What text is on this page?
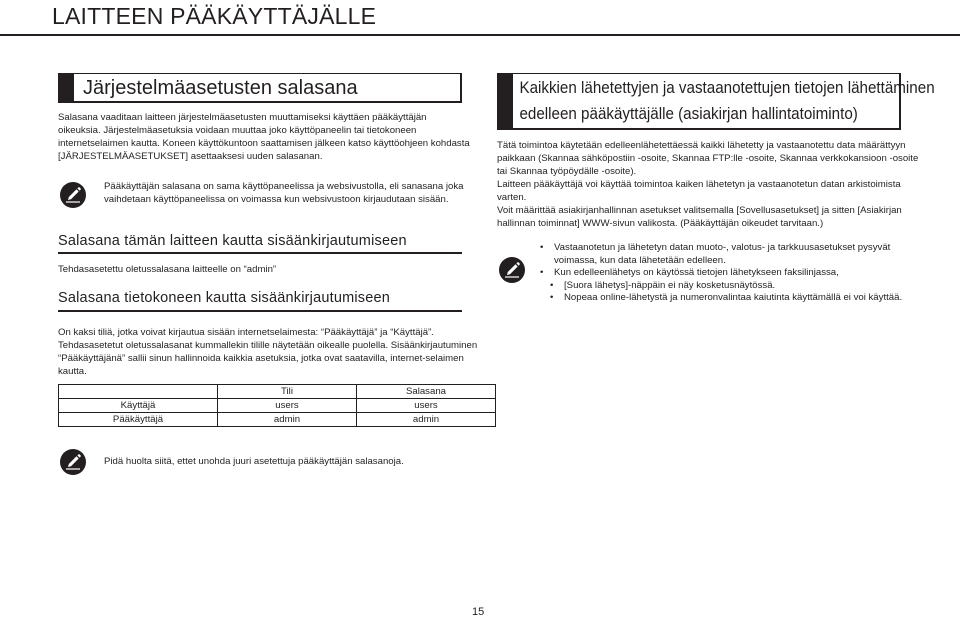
LAITTEEN PÄÄKÄYTTÄJÄLLE
Järjestelmäasetusten salasana
Salasana vaaditaan laitteen järjestelmäasetusten muuttamiseksi käyttäen pääkäyttäjän
oikeuksia. Järjestelmäasetuksia voidaan muuttaa joko käyttöpaneelin tai tietokoneen
internetselaimen kautta. Koneen käyttökuntoon saattamisen jälkeen katso käyttöohjeen kohdasta
[JÄRJESTELMÄASETUKSET] asettaaksesi uuden salasanan.
Pääkäyttäjän salasana on sama käyttöpaneelissa ja websivustolla, eli sanasana joka
vaihdetaan käyttöpaneelissa on voimassa kun websivustoon kirjaudutaan sisään.
Salasana tämän laitteen kautta sisäänkirjautumiseen
Tehdasasetettu oletussalasana laitteelle on “admin”
Salasana tietokoneen kautta sisäänkirjautumiseen
On kaksi tiliä, jotka voivat kirjautua sisään internetselaimesta: “Pääkäyttäjä” ja “Käyttäjä”.
Tehdasasetetut oletussalasanat kummallekin tilille näytetään oikealle puolella. Sisäänkirjautuminen
“Pääkäyttäjänä” sallii sinun hallinnoida kaikkia asetuksia, jotka ovat saatavilla, internet-selaimen
kautta.
	Tili	Salasana
Käyttäjä	users	users
Pääkäyttäjä	admin	admin
Pidä huolta siitä, ettet unohda juuri asetettuja pääkäyttäjän salasanoja.
Kaikkien lähetettyjen ja vastaanotettujen tietojen lähettäminen
edelleen pääkäyttäjälle (asiakirjan hallintatoiminto)
Tätä toimintoa käytetään edelleenlähetettäessä kaikki lähetetty ja vastaanotettu data määrättyyn
paikkaan (Skannaa sähköpostiin -osoite, Skannaa FTP:lle -osoite, Skannaa verkkokansioon -osoite
tai Skannaa työpöydälle -osoite).
Laitteen pääkäyttäjä voi käyttää toimintoa kaiken lähetetyn ja vastaanotetun datan arkistoimista
varten.
Voit määrittää asiakirjanhallinnan asetukset valitsemalla [Sovellusasetukset] ja sitten [Asiakirjan
hallinnan toiminnat] WWW-sivun valikosta. (Pääkäyttäjän oikeudet tarvitaan.)
• Vastaanotetun ja lähetetyn datan muoto-, valotus- ja tarkkuusasetukset pysyvät
voimassa, kun data lähetetään edelleen.
• Kun edelleenlähetys on käytössä tietojen lähetykseen faksilinjassa,
• [Suora lähetys]-näppäin ei näy kosketusnäytössä.
• Nopeaa online-lähetystä ja numeronvalintaa kaiutinta käyttämällä ei voi käyttää.
15
